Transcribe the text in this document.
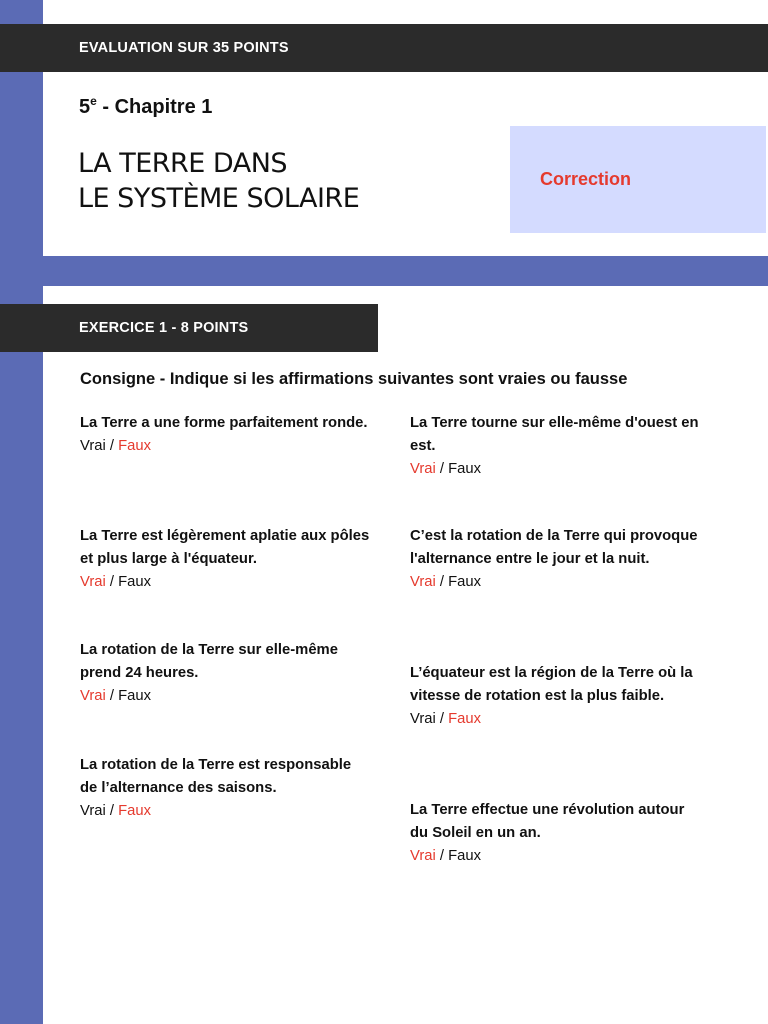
EVALUATION SUR 35 POINTS
5e - Chapitre 1
LA TERRE DANS
LE SYSTÈME SOLAIRE
Correction
EXERCICE 1 - 8 POINTS
Consigne - Indique si les affirmations suivantes sont vraies ou fausse
La Terre a une forme parfaitement ronde.
Vrai / Faux
La Terre est légèrement aplatie aux pôles et plus large à l'équateur.
Vrai / Faux
La rotation de la Terre sur elle-même prend 24 heures.
Vrai / Faux
La rotation de la Terre est responsable de l’alternance des saisons.
Vrai / Faux
La Terre tourne sur elle-même d'ouest en est.
Vrai / Faux
C’est la rotation de la Terre qui provoque l'alternance entre le jour et la nuit.
Vrai / Faux
L’équateur est la région de la Terre où la vitesse de rotation est la plus faible.
Vrai / Faux
La Terre effectue une révolution autour du Soleil en un an.
Vrai / Faux
